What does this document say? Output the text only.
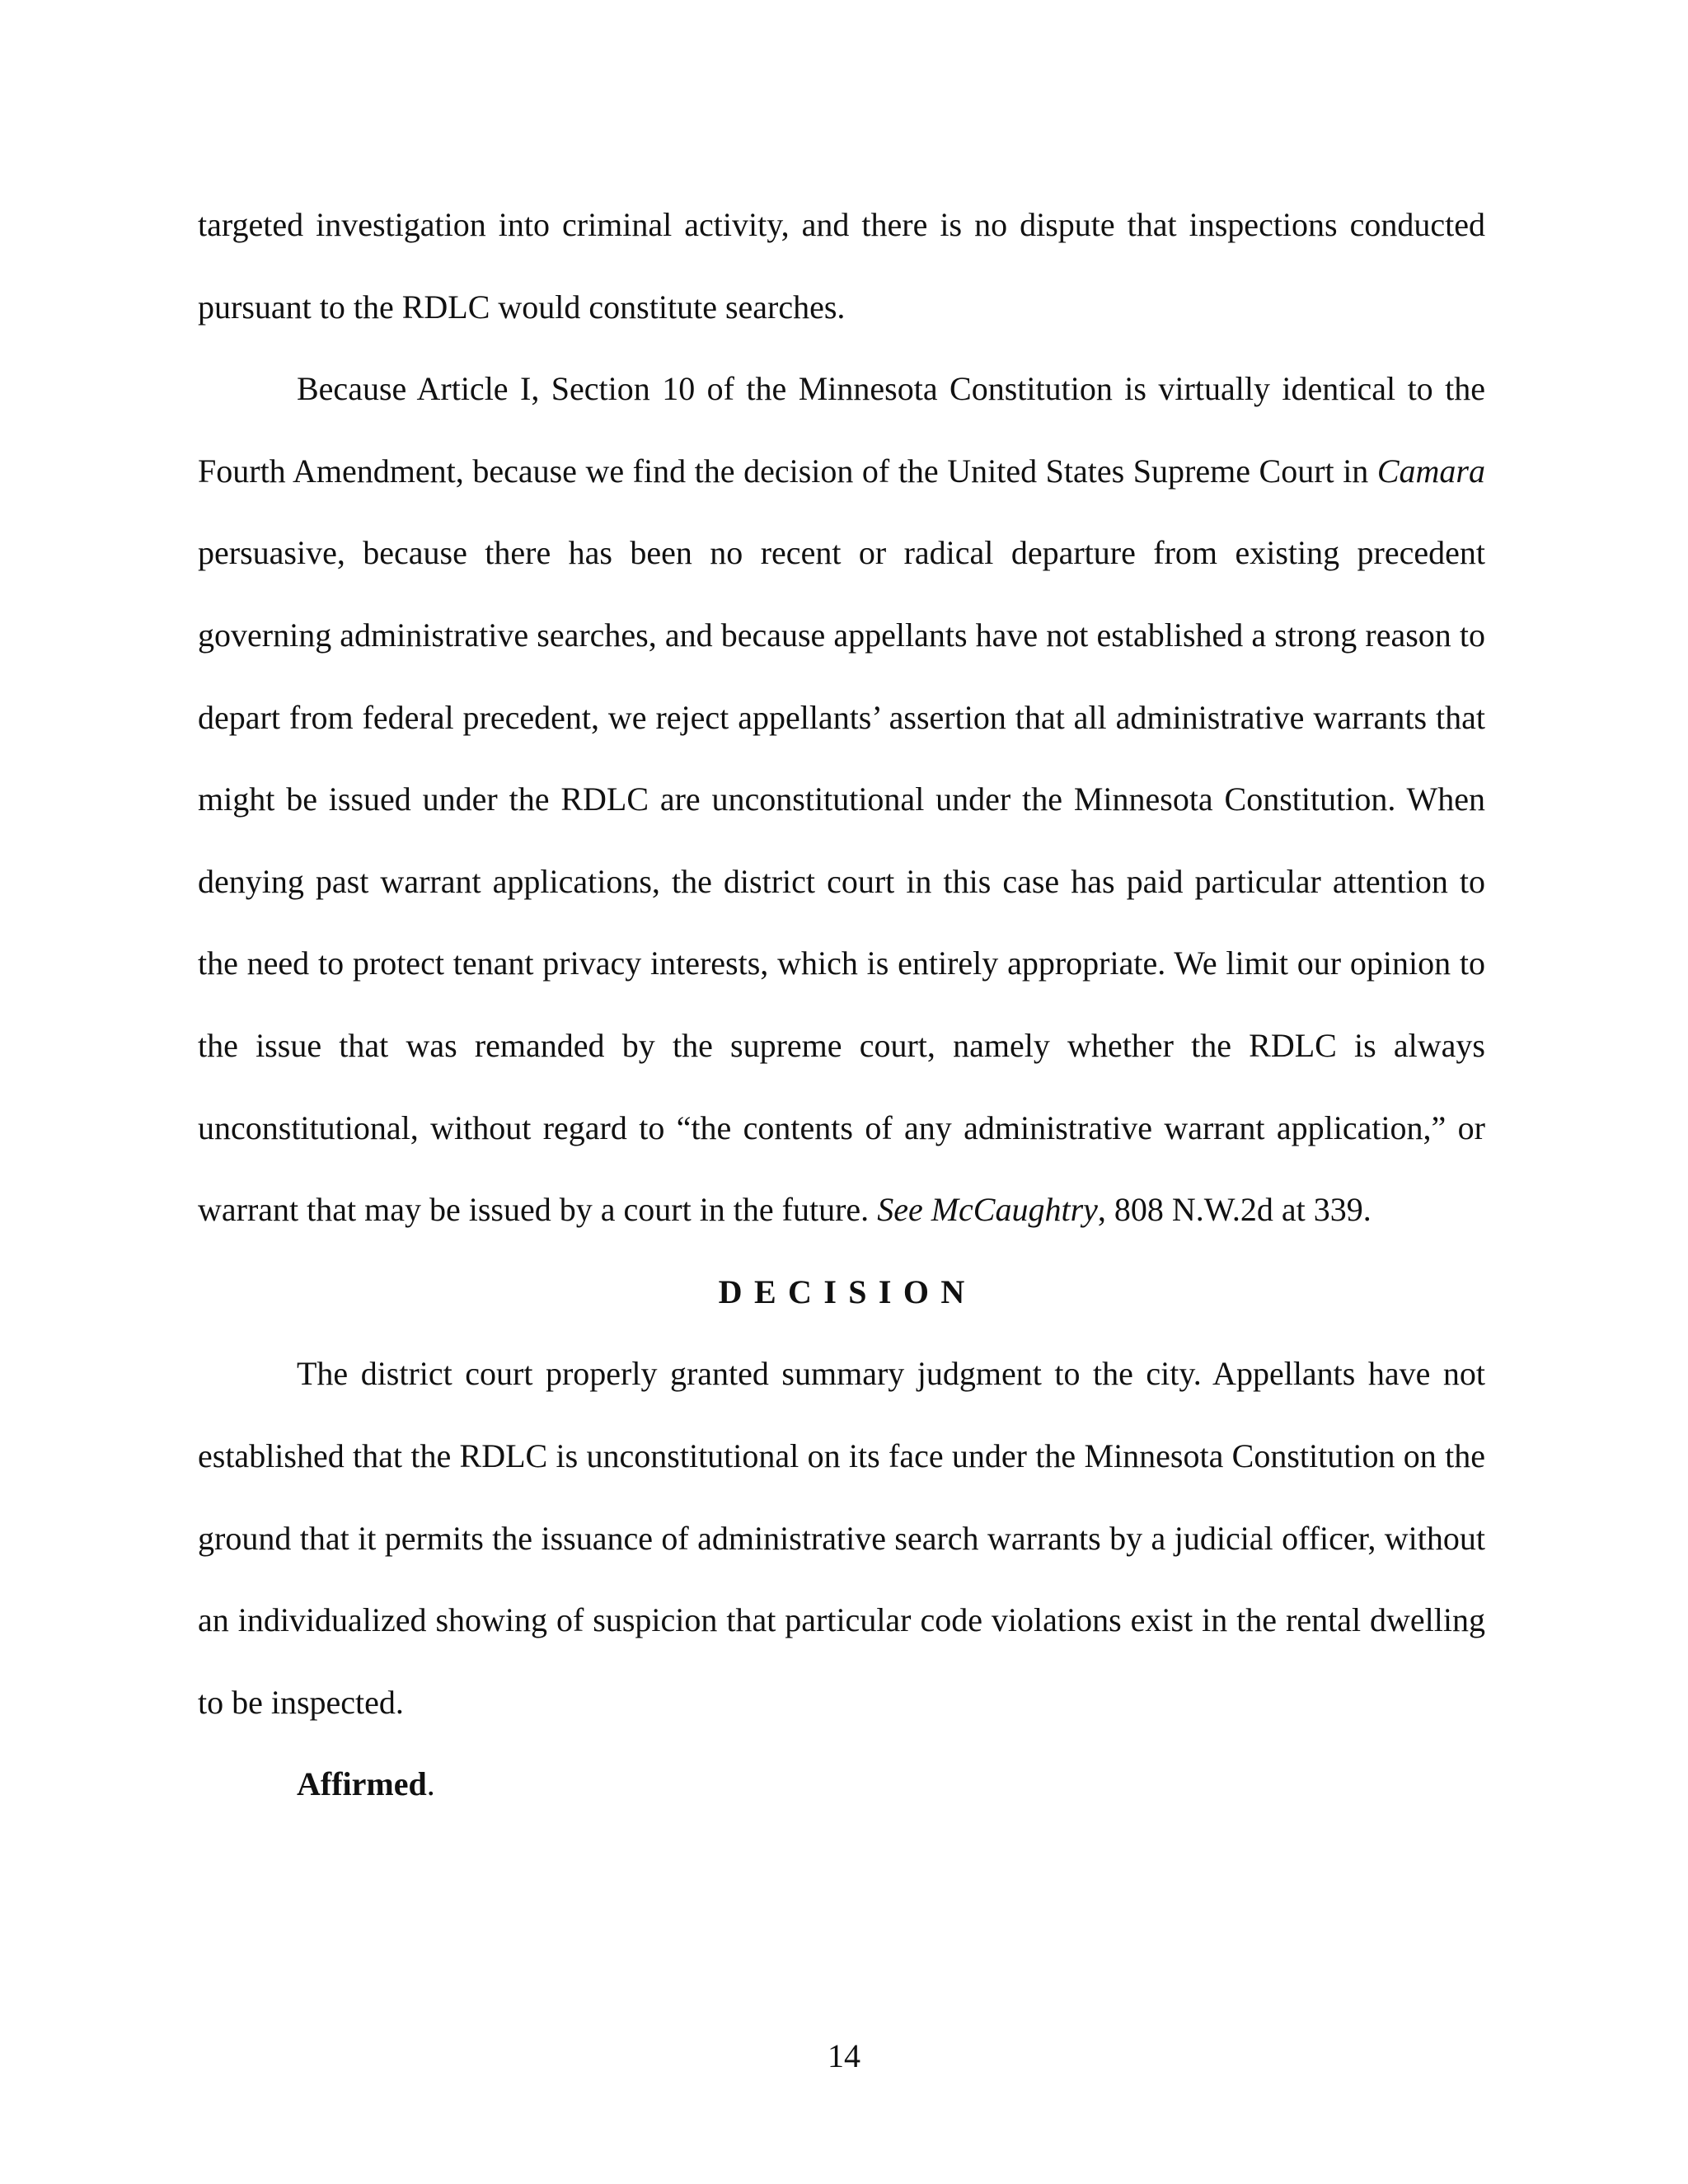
targeted investigation into criminal activity, and there is no dispute that inspections conducted pursuant to the RDLC would constitute searches.

Because Article I, Section 10 of the Minnesota Constitution is virtually identical to the Fourth Amendment, because we find the decision of the United States Supreme Court in Camara persuasive, because there has been no recent or radical departure from existing precedent governing administrative searches, and because appellants have not established a strong reason to depart from federal precedent, we reject appellants’ assertion that all administrative warrants that might be issued under the RDLC are unconstitutional under the Minnesota Constitution. When denying past warrant applications, the district court in this case has paid particular attention to the need to protect tenant privacy interests, which is entirely appropriate. We limit our opinion to the issue that was remanded by the supreme court, namely whether the RDLC is always unconstitutional, without regard to “the contents of any administrative warrant application,” or warrant that may be issued by a court in the future. See McCaughtry, 808 N.W.2d at 339.

DECISION

The district court properly granted summary judgment to the city. Appellants have not established that the RDLC is unconstitutional on its face under the Minnesota Constitution on the ground that it permits the issuance of administrative search warrants by a judicial officer, without an individualized showing of suspicion that particular code violations exist in the rental dwelling to be inspected.

Affirmed.

14
